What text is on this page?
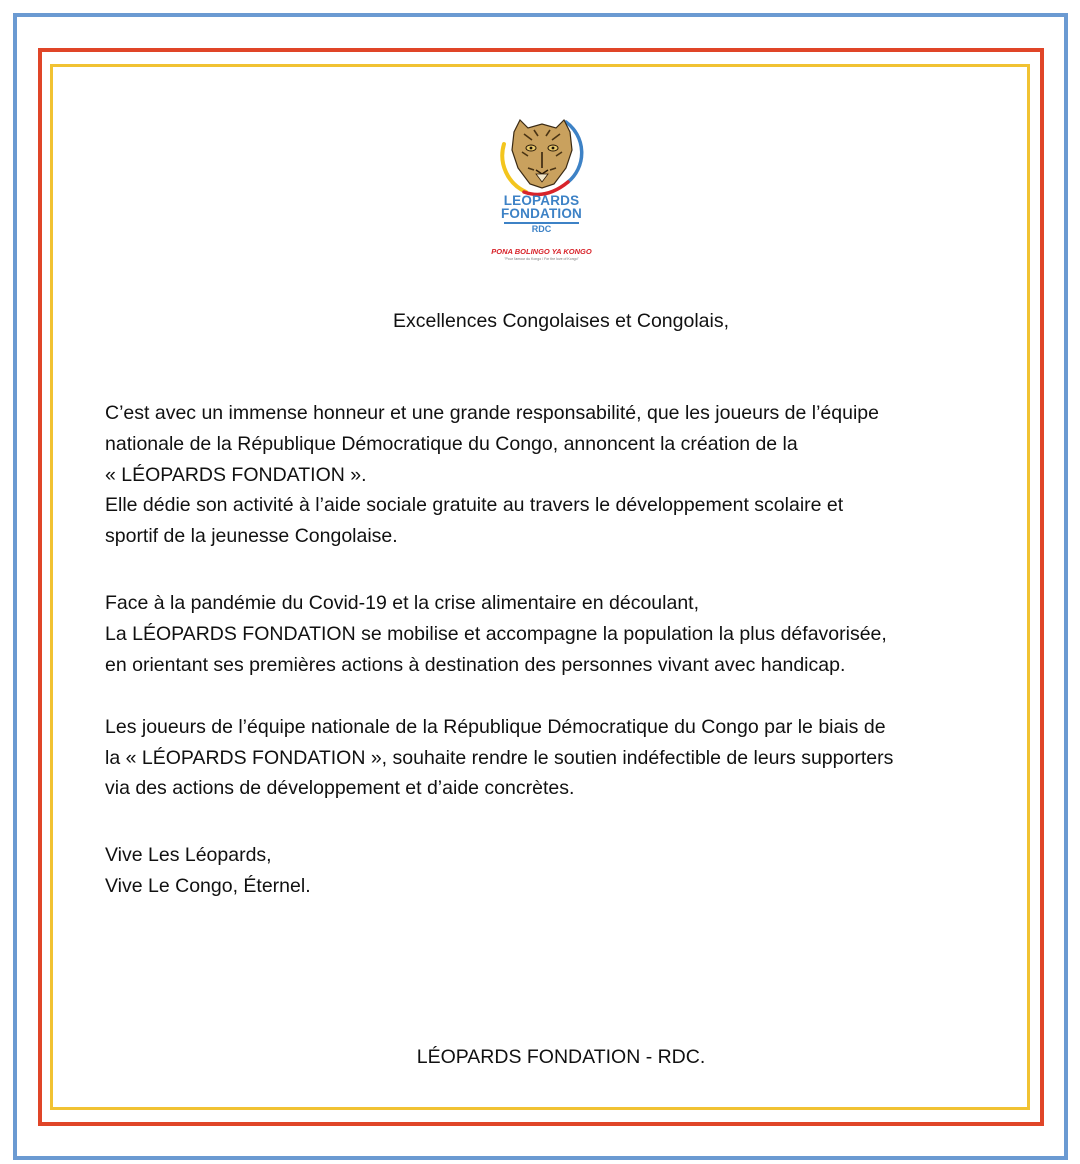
LEOPARDS
FONDATION
RDC
PONA BOLINGO YA KONGO
"Pour l'amour du Kongo / For the love of Kongo"
Excellences Congolaises et Congolais,
C’est avec un immense honneur et une grande responsabilité, que les joueurs de l’équipe
nationale de la République Démocratique du Congo, annoncent la création de la
« LÉOPARDS FONDATION ».
Elle dédie son activité à l’aide sociale gratuite au travers le développement scolaire et
sportif de la jeunesse Congolaise.
Face à la pandémie du Covid-19 et la crise alimentaire en découlant,
La LÉOPARDS FONDATION se mobilise et accompagne la population la plus défavorisée,
en orientant ses premières actions à destination des personnes vivant avec handicap.
Les joueurs de l’équipe nationale de la République Démocratique du Congo par le biais de
la « LÉOPARDS FONDATION », souhaite rendre le soutien indéfectible de leurs supporters
via des actions de développement et d’aide concrètes.
Vive Les Léopards,
Vive Le Congo, Éternel.
LÉOPARDS FONDATION - RDC.
